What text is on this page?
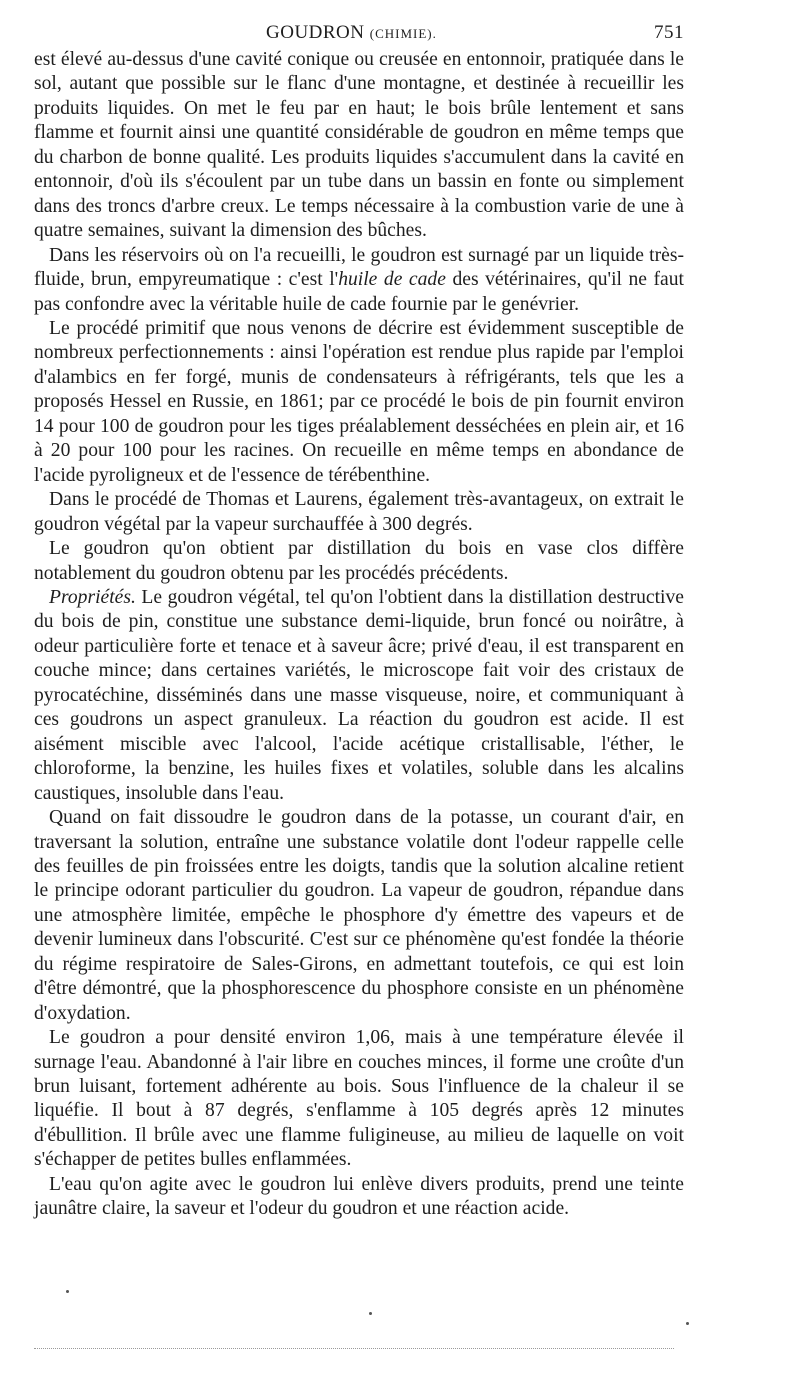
GOUDRON (CHIMIE).	751

est élevé au-dessus d'une cavité conique ou creusée en entonnoir, pratiquée dans le sol, autant que possible sur le flanc d'une montagne, et destinée à recueillir les produits liquides. On met le feu par en haut; le bois brûle lentement et sans flamme et fournit ainsi une quantité considérable de goudron en même temps que du charbon de bonne qualité. Les produits liquides s'accumulent dans la cavité en entonnoir, d'où ils s'écoulent par un tube dans un bassin en fonte ou simplement dans des troncs d'arbre creux. Le temps nécessaire à la combustion varie de une à quatre semaines, suivant la dimension des bûches.

Dans les réservoirs où on l'a recueilli, le goudron est surnagé par un liquide très-fluide, brun, empyreumatique : c'est l'huile de cade des vétérinaires, qu'il ne faut pas confondre avec la véritable huile de cade fournie par le genévrier.

Le procédé primitif que nous venons de décrire est évidemment susceptible de nombreux perfectionnements : ainsi l'opération est rendue plus rapide par l'emploi d'alambics en fer forgé, munis de condensateurs à réfrigérants, tels que les a proposés Hessel en Russie, en 1861; par ce procédé le bois de pin fournit environ 14 pour 100 de goudron pour les tiges préalablement desséchées en plein air, et 16 à 20 pour 100 pour les racines. On recueille en même temps en abondance de l'acide pyroligneux et de l'essence de térébenthine.

Dans le procédé de Thomas et Laurens, également très-avantageux, on extrait le goudron végétal par la vapeur surchauffée à 300 degrés.

Le goudron qu'on obtient par distillation du bois en vase clos diffère notablement du goudron obtenu par les procédés précédents.

Propriétés. Le goudron végétal, tel qu'on l'obtient dans la distillation destructive du bois de pin, constitue une substance demi-liquide, brun foncé ou noirâtre, à odeur particulière forte et tenace et à saveur âcre; privé d'eau, il est transparent en couche mince; dans certaines variétés, le microscope fait voir des cristaux de pyrocatéchine, disséminés dans une masse visqueuse, noire, et communiquant à ces goudrons un aspect granuleux. La réaction du goudron est acide. Il est aisément miscible avec l'alcool, l'acide acétique cristallisable, l'éther, le chloroforme, la benzine, les huiles fixes et volatiles, soluble dans les alcalins caustiques, insoluble dans l'eau.

Quand on fait dissoudre le goudron dans de la potasse, un courant d'air, en traversant la solution, entraîne une substance volatile dont l'odeur rappelle celle des feuilles de pin froissées entre les doigts, tandis que la solution alcaline retient le principe odorant particulier du goudron. La vapeur de goudron, répandue dans une atmosphère limitée, empêche le phosphore d'y émettre des vapeurs et de devenir lumineux dans l'obscurité. C'est sur ce phénomène qu'est fondée la théorie du régime respiratoire de Sales-Girons, en admettant toutefois, ce qui est loin d'être démontré, que la phosphorescence du phosphore consiste en un phénomène d'oxydation.

Le goudron a pour densité environ 1,06, mais à une température élevée il surnage l'eau. Abandonné à l'air libre en couches minces, il forme une croûte d'un brun luisant, fortement adhérente au bois. Sous l'influence de la chaleur il se liquéfie. Il bout à 87 degrés, s'enflamme à 105 degrés après 12 minutes d'ébullition. Il brûle avec une flamme fuligineuse, au milieu de laquelle on voit s'échapper de petites bulles enflammées.

L'eau qu'on agite avec le goudron lui enlève divers produits, prend une teinte jaunâtre claire, la saveur et l'odeur du goudron et une réaction acide.
